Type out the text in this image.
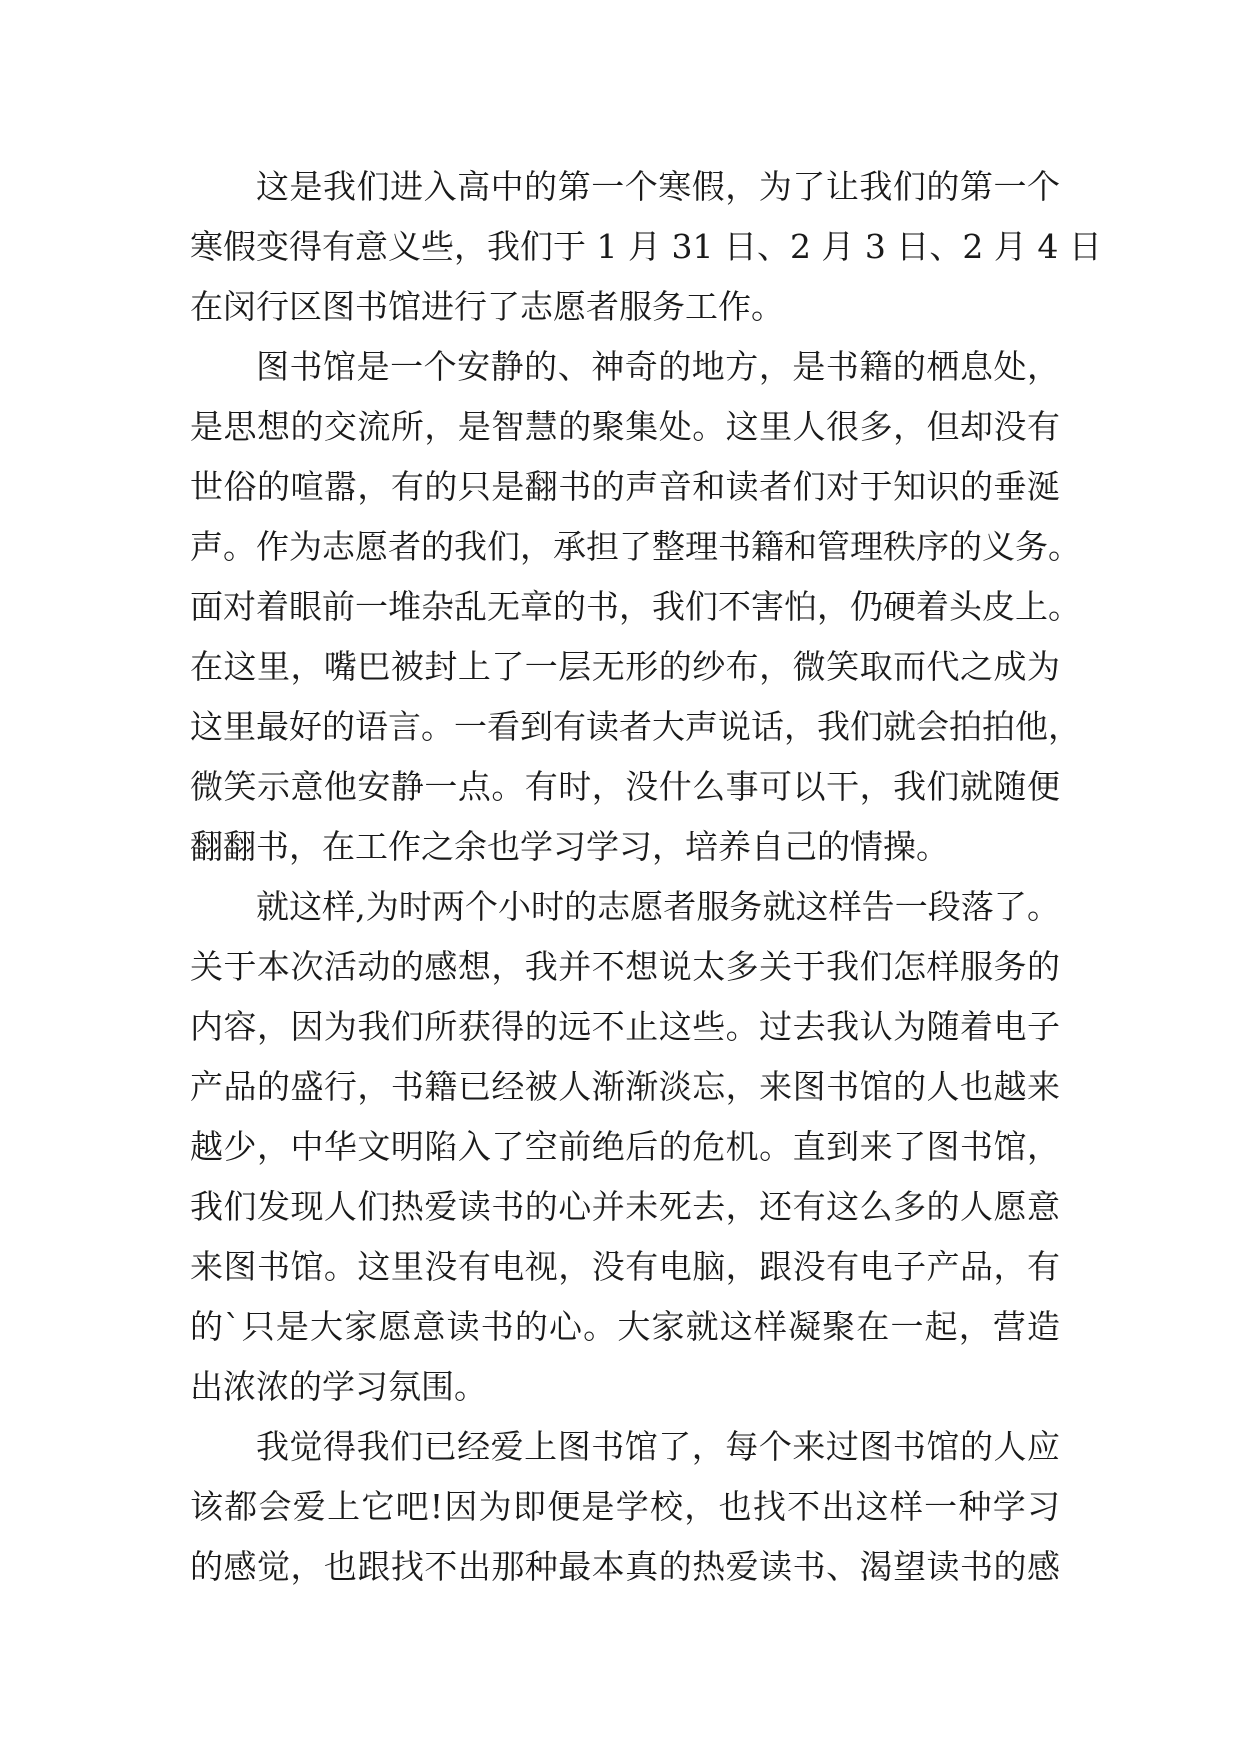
这是我们进入高中的第一个寒假，为了让我们的第一个
寒假变得有意义些，我们于 1 月 31 日、2 月 3 日、2 月 4 日
在闵行区图书馆进行了志愿者服务工作。
图书馆是一个安静的、神奇的地方，是书籍的栖息处，
是思想的交流所，是智慧的聚集处。这里人很多，但却没有
世俗的喧嚣，有的只是翻书的声音和读者们对于知识的垂涎
声。作为志愿者的我们，承担了整理书籍和管理秩序的义务。
面对着眼前一堆杂乱无章的书，我们不害怕，仍硬着头皮上。
在这里，嘴巴被封上了一层无形的纱布，微笑取而代之成为
这里最好的语言。一看到有读者大声说话，我们就会拍拍他，
微笑示意他安静一点。有时，没什么事可以干，我们就随便
翻翻书，在工作之余也学习学习，培养自己的情操。
就这样,为时两个小时的志愿者服务就这样告一段落了。
关于本次活动的感想，我并不想说太多关于我们怎样服务的
内容，因为我们所获得的远不止这些。过去我认为随着电子
产品的盛行，书籍已经被人渐渐淡忘，来图书馆的人也越来
越少，中华文明陷入了空前绝后的危机。直到来了图书馆，
我们发现人们热爱读书的心并未死去，还有这么多的人愿意
来图书馆。这里没有电视，没有电脑，跟没有电子产品，有
的`只是大家愿意读书的心。大家就这样凝聚在一起，营造
出浓浓的学习氛围。
我觉得我们已经爱上图书馆了，每个来过图书馆的人应
该都会爱上它吧!因为即便是学校，也找不出这样一种学习
的感觉，也跟找不出那种最本真的热爱读书、渴望读书的感
